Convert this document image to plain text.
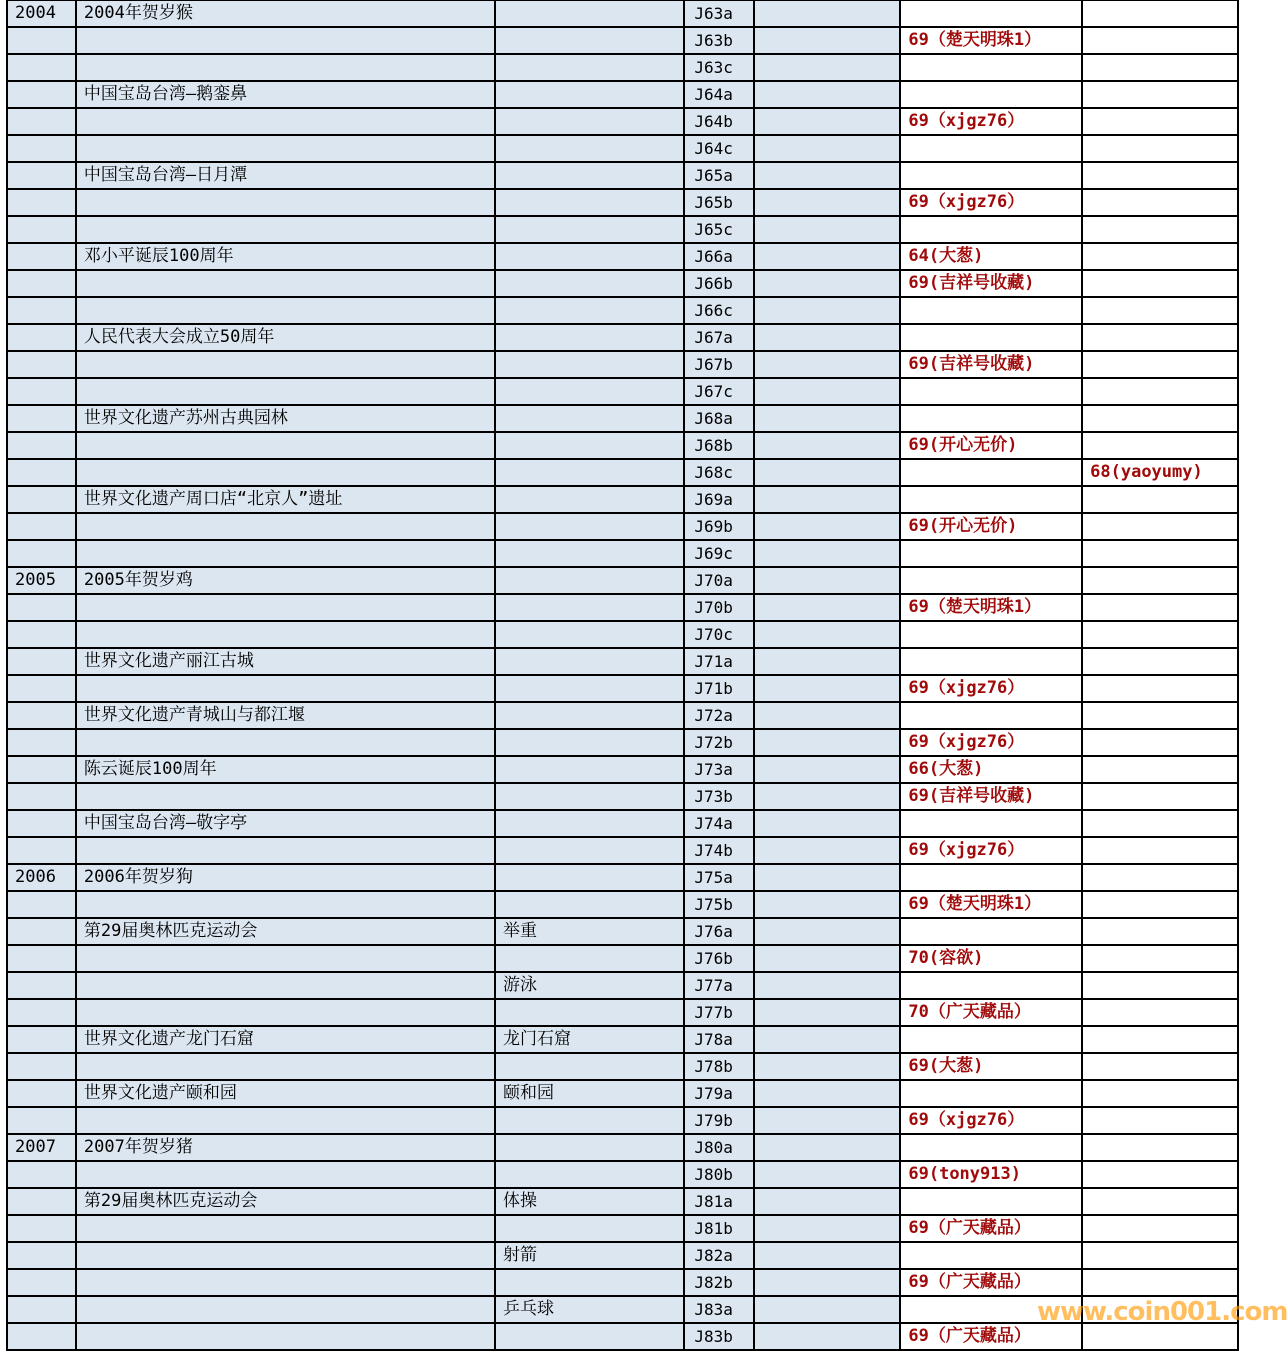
2004	2004年贺岁猴		J63a			
			J63b		69（楚天明珠1）	
			J63c			
	中国宝岛台湾—鹅銮鼻		J64a			
			J64b		69（xjgz76）	
			J64c			
	中国宝岛台湾—日月潭		J65a			
			J65b		69（xjgz76）	
			J65c			
	邓小平诞辰100周年		J66a		64(大葱)	
			J66b		69(吉祥号收藏)	
			J66c			
	人民代表大会成立50周年		J67a			
			J67b		69(吉祥号收藏)	
			J67c			
	世界文化遗产苏州古典园林		J68a			
			J68b		69(开心无价)	
			J68c			68(yaoyumy)
	世界文化遗产周口店“北京人”遗址		J69a			
			J69b		69(开心无价)	
			J69c			
2005	2005年贺岁鸡		J70a			
			J70b		69（楚天明珠1）	
			J70c			
	世界文化遗产丽江古城		J71a			
			J71b		69（xjgz76）	
	世界文化遗产青城山与都江堰		J72a			
			J72b		69（xjgz76）	
	陈云诞辰100周年		J73a		66(大葱)	
			J73b		69(吉祥号收藏)	
	中国宝岛台湾—敬字亭		J74a			
			J74b		69（xjgz76）	
2006	2006年贺岁狗		J75a			
			J75b		69（楚天明珠1）	
	第29届奥林匹克运动会	举重	J76a			
			J76b		70(容欲)	
		游泳	J77a			
			J77b		70（广天藏品）	
	世界文化遗产龙门石窟	龙门石窟	J78a			
			J78b		69(大葱)	
	世界文化遗产颐和园	颐和园	J79a			
			J79b		69（xjgz76）	
2007	2007年贺岁猪		J80a			
			J80b		69(tony913)	
	第29届奥林匹克运动会	体操	J81a			
			J81b		69（广天藏品）	
		射箭	J82a			
			J82b		69（广天藏品）	
		乒乓球	J83a			
			J83b		69（广天藏品）	
www.coin001.com
